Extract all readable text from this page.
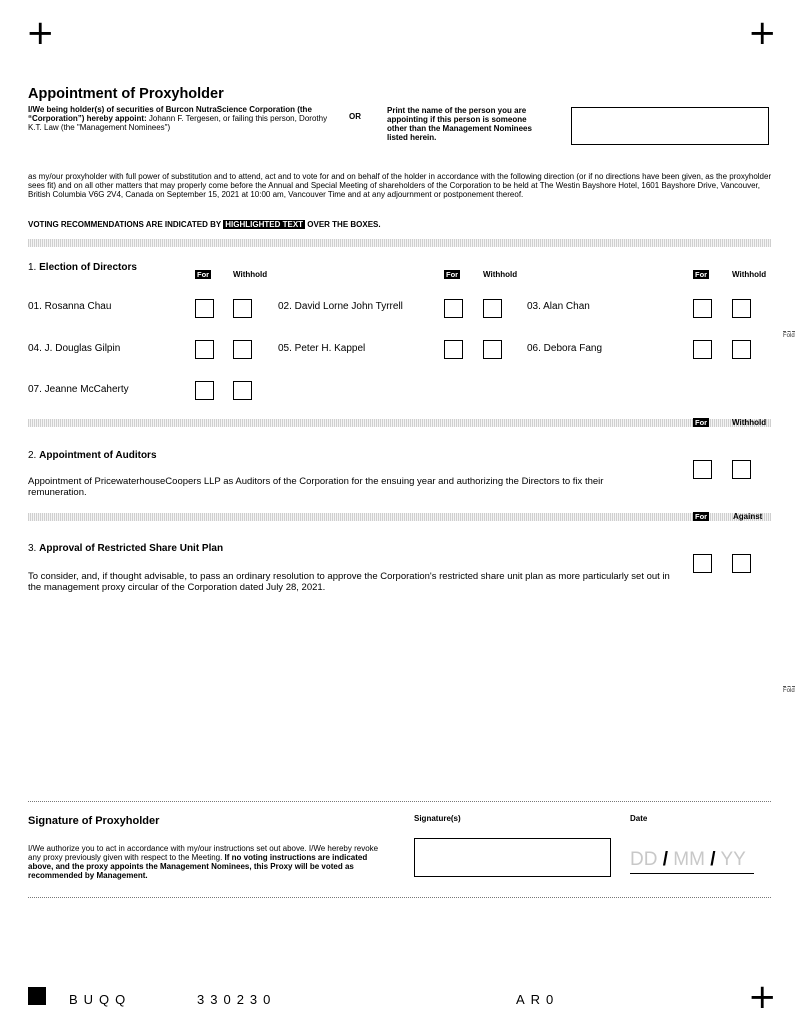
+	+
+
Appointment of Proxyholder
I/We being holder(s) of securities of Burcon NutraScience Corporation (the “Corporation”) hereby appoint: Johann F. Tergesen, or failing this person, Dorothy K.T. Law (the "Management Nominees")
OR
Print the name of the person you are appointing if this person is someone other than the Management Nominees listed herein.
as my/our proxyholder with full power of substitution and to attend, act and to vote for and on behalf of the holder in accordance with the following direction (or if no directions have been given, as the proxyholder sees fit) and on all other matters that may properly come before the Annual and Special Meeting of shareholders of the Corporation to be held at The Westin Bayshore Hotel, 1601 Bayshore Drive, Vancouver, British Columbia V6G 2V4, Canada on September 15, 2021 at 10:00 am, Vancouver Time and at any adjournment or postponement thereof.
VOTING RECOMMENDATIONS ARE INDICATED BY HIGHLIGHTED TEXT OVER THE BOXES.
1. Election of Directors
For	Withhold	For	Withhold	For	Withhold
01. Rosanna Chau	02. David Lorne John Tyrrell	03. Alan Chan
04. J. Douglas Gilpin	05. Peter H. Kappel	06. Debora Fang
07. Jeanne McCaherty
Fold
For	Withhold
2. Appointment of Auditors
Appointment of PricewaterhouseCoopers LLP as Auditors of the Corporation for the ensuing year and authorizing the Directors to fix their remuneration.
For	Against
3. Approval of Restricted Share Unit Plan
To consider, and, if thought advisable, to pass an ordinary resolution to approve the Corporation's restricted share unit plan as more particularly set out in the management proxy circular of the Corporation dated July 28, 2021.
Fold
Signature of Proxyholder
I/We authorize you to act in accordance with my/our instructions set out above. I/We hereby revoke any proxy previously given with respect to the Meeting. If no voting instructions are indicated above, and the proxy appoints the Management Nominees, this Proxy will be voted as recommended by Management.
Signature(s)	Date
DD / MM / YY
BUQQ	330230	AR0
